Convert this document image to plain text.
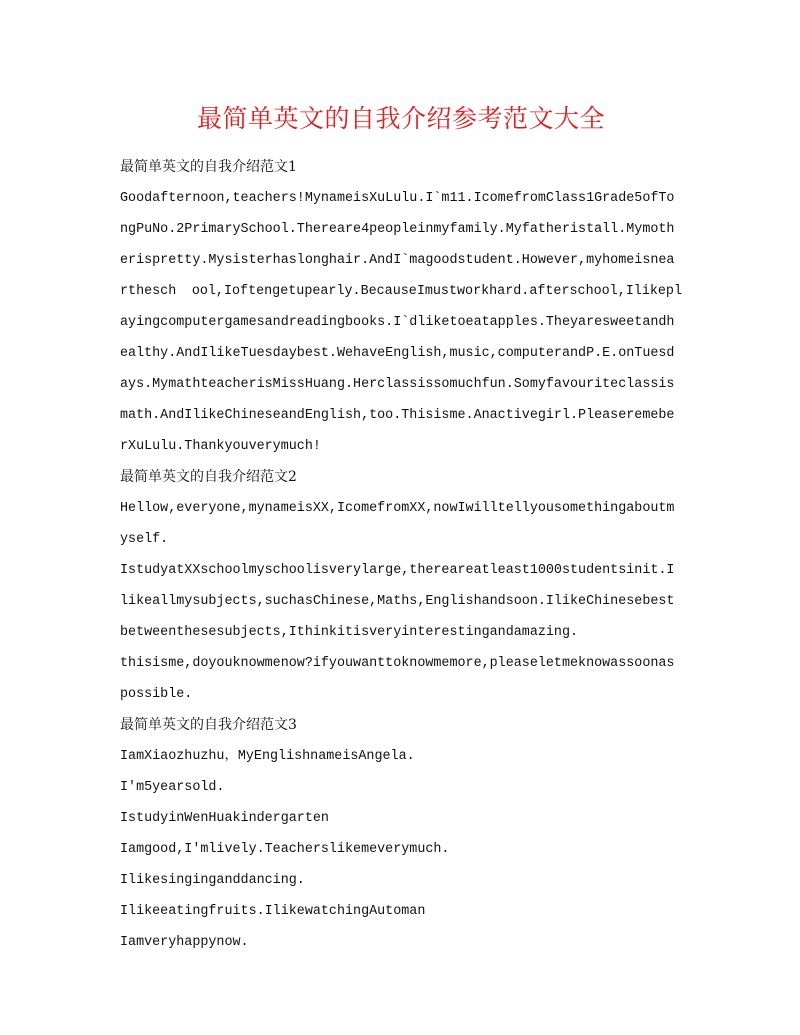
最简单英文的自我介绍参考范文大全

最简单英文的自我介绍范文1

Goodafternoon,teachers!MynameisXuLulu.I`m11.IcomefromClass1Grade5ofTongPuNo.2PrimarySchool.Thereare4peopleinmyfamily.Myfatheristall.Mymotherispretty.Mysisterhaslonghair.AndI`magoodstudent.However,myhomeisnearthesch ool,Ioftengetupearly.BecauseImustworkhard.afterschool,Ilikeplayingcomputergamesandreadingbooks.I`dliketoeatapples.Theyaresweetandhealthy.AndIlikeTuesdaybest.WehaveEnglish,music,computerandP.E.onTuesdays.MymathteacherisMissHuang.Herclassissomuchfun.Somyfavouriteclassismath.AndIlikeChineseandEnglish,too.Thisisme.Anactivegirl.PleaseremeberXuLulu.Thankyouverymuch!

最简单英文的自我介绍范文2

Hellow,everyone,mynameisXX,IcomefromXX,nowIwilltellyousomethingaboutmyself.

IstudyatXXschoolmyschoolisverylarge,thereareatleast1000studentsinit.Ilikeallmysubjects,suchasChinese,Maths,Englishandsoon.IlikeChinesebestbetweenthesesubjects,Ithinkitisveryinterestingandamazing.

thisisme,doyouknowmenow?ifyouwanttoknowmemore,pleaseletmeknowassoonaspossible.

最简单英文的自我介绍范文3

IamXiaozhuzhu，MyEnglishnameisAngela.

I'm5yearsold.

IstudyinWenHuakindergarten

Iamgood,I'mlively.Teacherslikemeverymuch.

Ilikesinginganddancing.

Ilikeeatingfruits.IlikewatchingAutoman

Iamveryhappynow.
